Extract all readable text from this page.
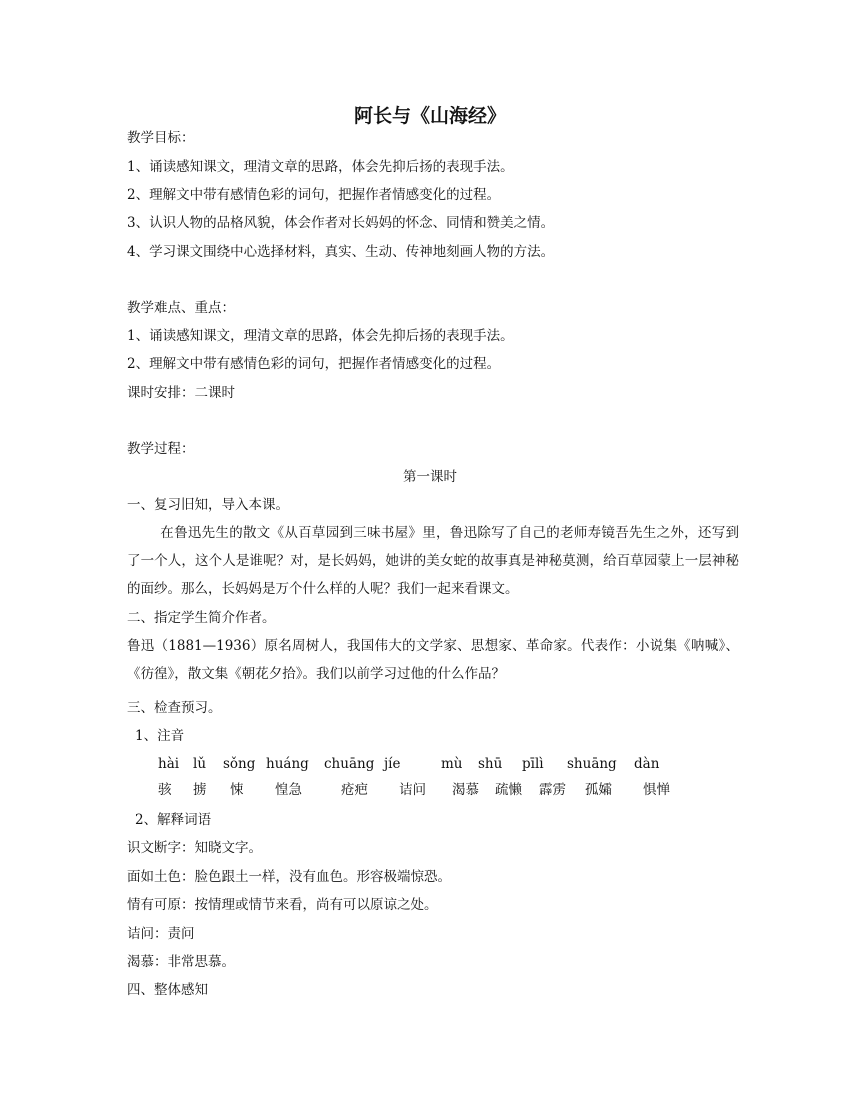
阿长与《山海经》
教学目标：
1、诵读感知课文，理清文章的思路，体会先抑后扬的表现手法。
2、理解文中带有感情色彩的词句，把握作者情感变化的过程。
3、认识人物的品格风貌，体会作者对长妈妈的怀念、同情和赞美之情。
4、学习课文围绕中心选择材料，真实、生动、传神地刻画人物的方法。
教学难点、重点：
1、诵读感知课文，理清文章的思路，体会先抑后扬的表现手法。
2、理解文中带有感情色彩的词句，把握作者情感变化的过程。
课时安排：二课时
教学过程：
第一课时
一、复习旧知，导入本课。
在鲁迅先生的散文《从百草园到三味书屋》里，鲁迅除写了自己的老师寿镜吾先生之外，还写到了一个人，这个人是谁呢？对，是长妈妈，她讲的美女蛇的故事真是神秘莫测，给百草园蒙上一层神秘的面纱。那么，长妈妈是万个什么样的人呢？我们一起来看课文。
二、指定学生简介作者。
鲁迅（1881—1936）原名周树人，我国伟大的文学家、思想家、革命家。代表作：小说集《呐喊》、《彷徨》，散文集《朝花夕拾》。我们以前学习过他的什么作品？
三、检查预习。
1、注音
hài lǔ sǒng huáng chuāng jíe	mù shū pīlì shuāng dàn
骇 掳 悚 惶急	疮疤 诘问 渴慕 疏懒 霹雳 孤孀 惧惮
2、解释词语
识文断字：知晓文字。
面如土色：脸色跟土一样，没有血色。形容极端惊恐。
情有可原：按情理或情节来看，尚有可以原谅之处。
诘问：责问
渴慕：非常思慕。
四、整体感知
